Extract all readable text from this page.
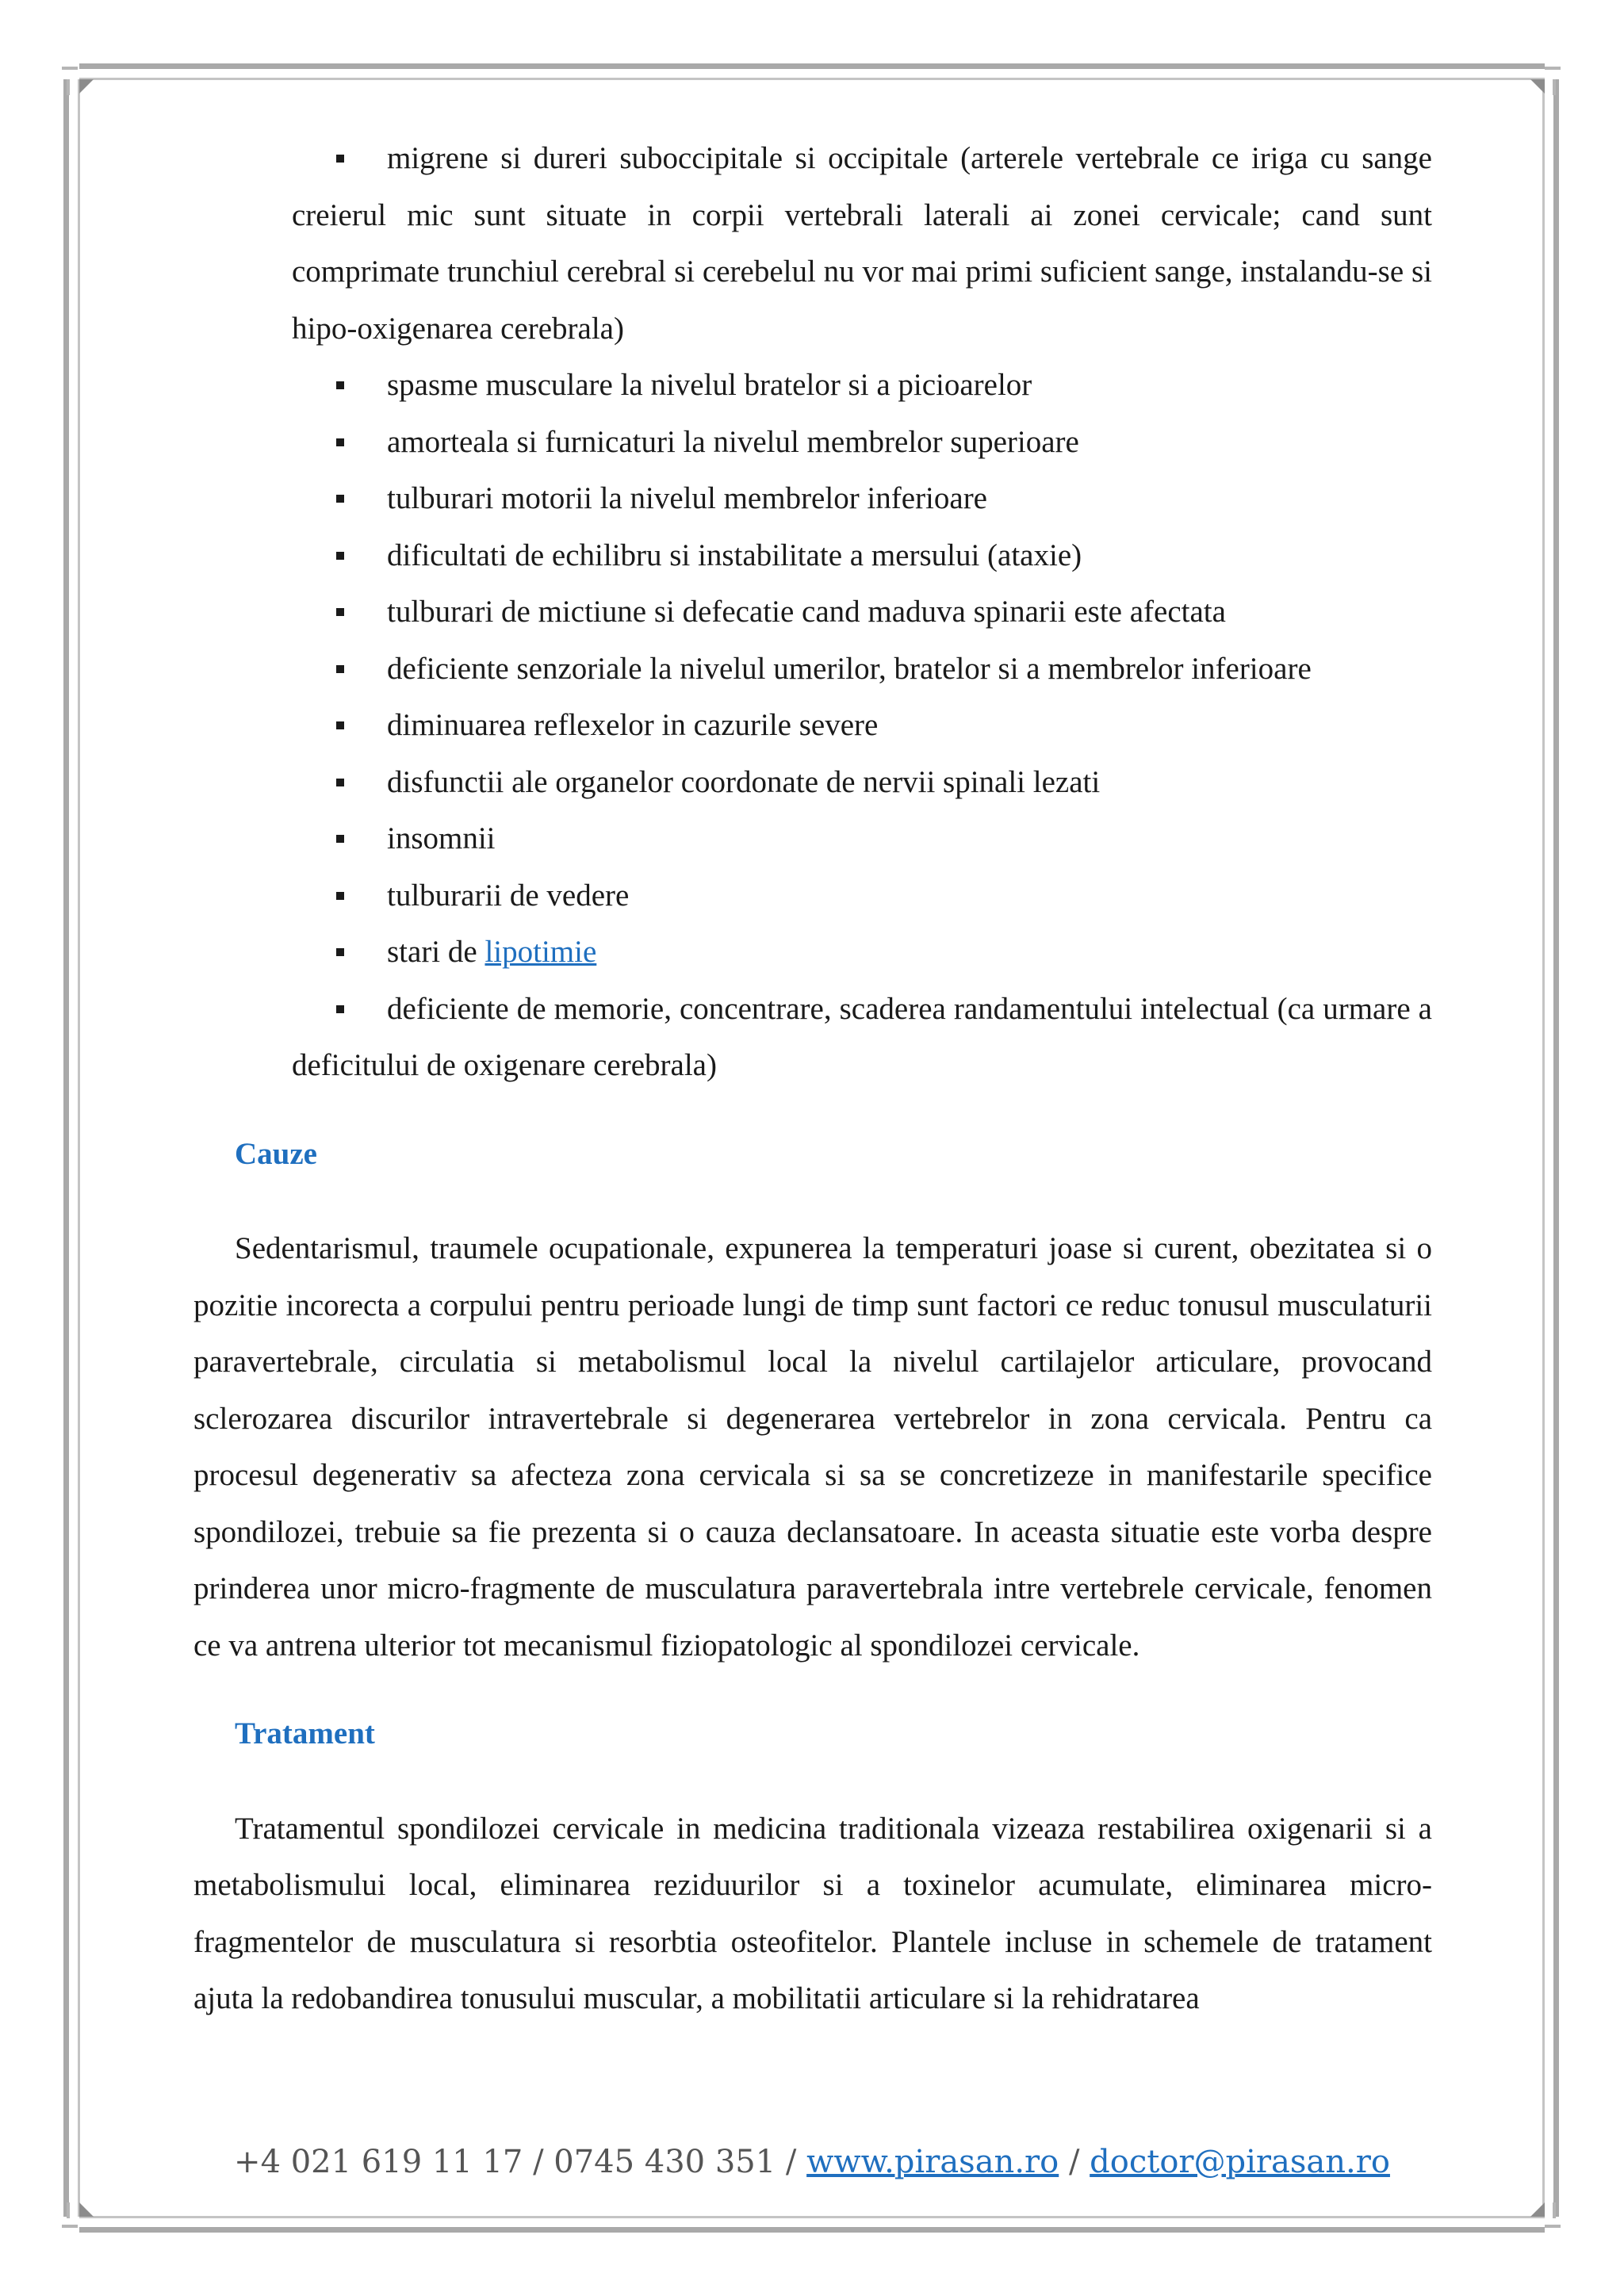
migrene si dureri suboccipitale si occipitale (arterele vertebrale ce iriga cu sange creierul mic sunt situate in corpii vertebrali laterali ai zonei cervicale; cand sunt comprimate trunchiul cerebral si cerebelul nu vor mai primi suficient sange, instalandu-se si hipo-oxigenarea cerebrala)
spasme musculare la nivelul bratelor si a picioarelor
amorteala si furnicaturi la nivelul membrelor superioare
tulburari motorii la nivelul membrelor inferioare
dificultati de echilibru si instabilitate a mersului (ataxie)
tulburari de mictiune si defecatie cand maduva spinarii este afectata
deficiente senzoriale la nivelul umerilor, bratelor si a membrelor inferioare
diminuarea reflexelor in cazurile severe
disfunctii ale organelor coordonate de nervii spinali lezati
insomnii
tulburarii de vedere
stari de lipotimie
deficiente de memorie, concentrare, scaderea randamentului intelectual (ca urmare a deficitului de oxigenare cerebrala)
Cauze

Sedentarismul, traumele ocupationale, expunerea la temperaturi joase si curent, obezitatea si o pozitie incorecta a corpului pentru perioade lungi de timp sunt factori ce reduc tonusul musculaturii paravertebrale, circulatia si metabolismul local la nivelul cartilajelor articulare, provocand sclerozarea discurilor intravertebrale si degenerarea vertebrelor in zona cervicala. Pentru ca procesul degenerativ sa afecteza zona cervicala si sa se concretizeze in manifestarile specifice spondilozei, trebuie sa fie prezenta si o cauza declansatoare. In aceasta situatie este vorba despre prinderea unor micro-fragmente de musculatura paravertebrala intre vertebrele cervicale, fenomen ce va antrena ulterior tot mecanismul fiziopatologic al spondilozei cervicale.

Tratament

Tratamentul spondilozei cervicale in medicina traditionala vizeaza restabilirea oxigenarii si a metabolismului local, eliminarea reziduurilor si a toxinelor acumulate, eliminarea micro-fragmentelor de musculatura si resorbtia osteofitelor. Plantele incluse in schemele de tratament ajuta la redobandirea tonusului muscular, a mobilitatii articulare si la rehidratarea

+4 021 619 11 17 / 0745 430 351 / www.pirasan.ro / doctor@pirasan.ro
